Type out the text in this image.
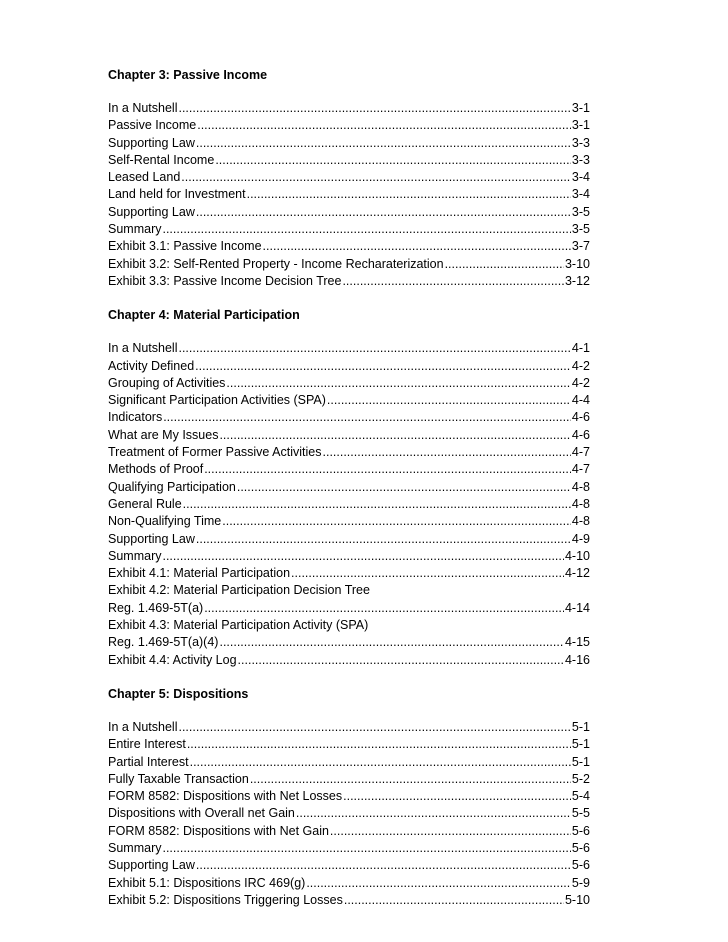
Chapter 3: Passive Income
In a Nutshell .....	3-1
Passive Income .....	3-1
Supporting Law .....	3-3
Self-Rental Income .....	3-3
Leased Land .....	3-4
Land held for Investment .....	3-4
Supporting Law .....	3-5
Summary .....	3-5
Exhibit 3.1: Passive Income .....	3-7
Exhibit 3.2: Self-Rented Property - Income Recharaterization .....	3-10
Exhibit 3.3: Passive Income Decision Tree .....	3-12
Chapter 4: Material Participation
In a Nutshell .....	4-1
Activity Defined .....	4-2
Grouping of Activities .....	4-2
Significant Participation Activities (SPA) .....	4-4
Indicators .....	4-6
What are My Issues .....	4-6
Treatment of Former Passive Activities .....	4-7
Methods of Proof .....	4-7
Qualifying Participation .....	4-8
General Rule .....	4-8
Non-Qualifying Time .....	4-8
Supporting Law .....	4-9
Summary .....	4-10
Exhibit 4.1: Material Participation .....	4-12
Exhibit 4.2: Material Participation Decision Tree
Reg. 1.469-5T(a) .....	4-14
Exhibit 4.3: Material Participation Activity (SPA)
Reg. 1.469-5T(a)(4) .....	4-15
Exhibit 4.4: Activity Log .....	4-16
Chapter 5: Dispositions
In a Nutshell .....	5-1
Entire Interest .....	5-1
Partial Interest .....	5-1
Fully Taxable Transaction .....	5-2
FORM 8582: Dispositions with Net Losses .....	5-4
Dispositions with Overall net Gain .....	5-5
FORM 8582: Dispositions with Net Gain .....	5-6
Summary .....	5-6
Supporting Law .....	5-6
Exhibit 5.1: Dispositions IRC 469(g) .....	5-9
Exhibit 5.2: Dispositions Triggering Losses .....	5-10
